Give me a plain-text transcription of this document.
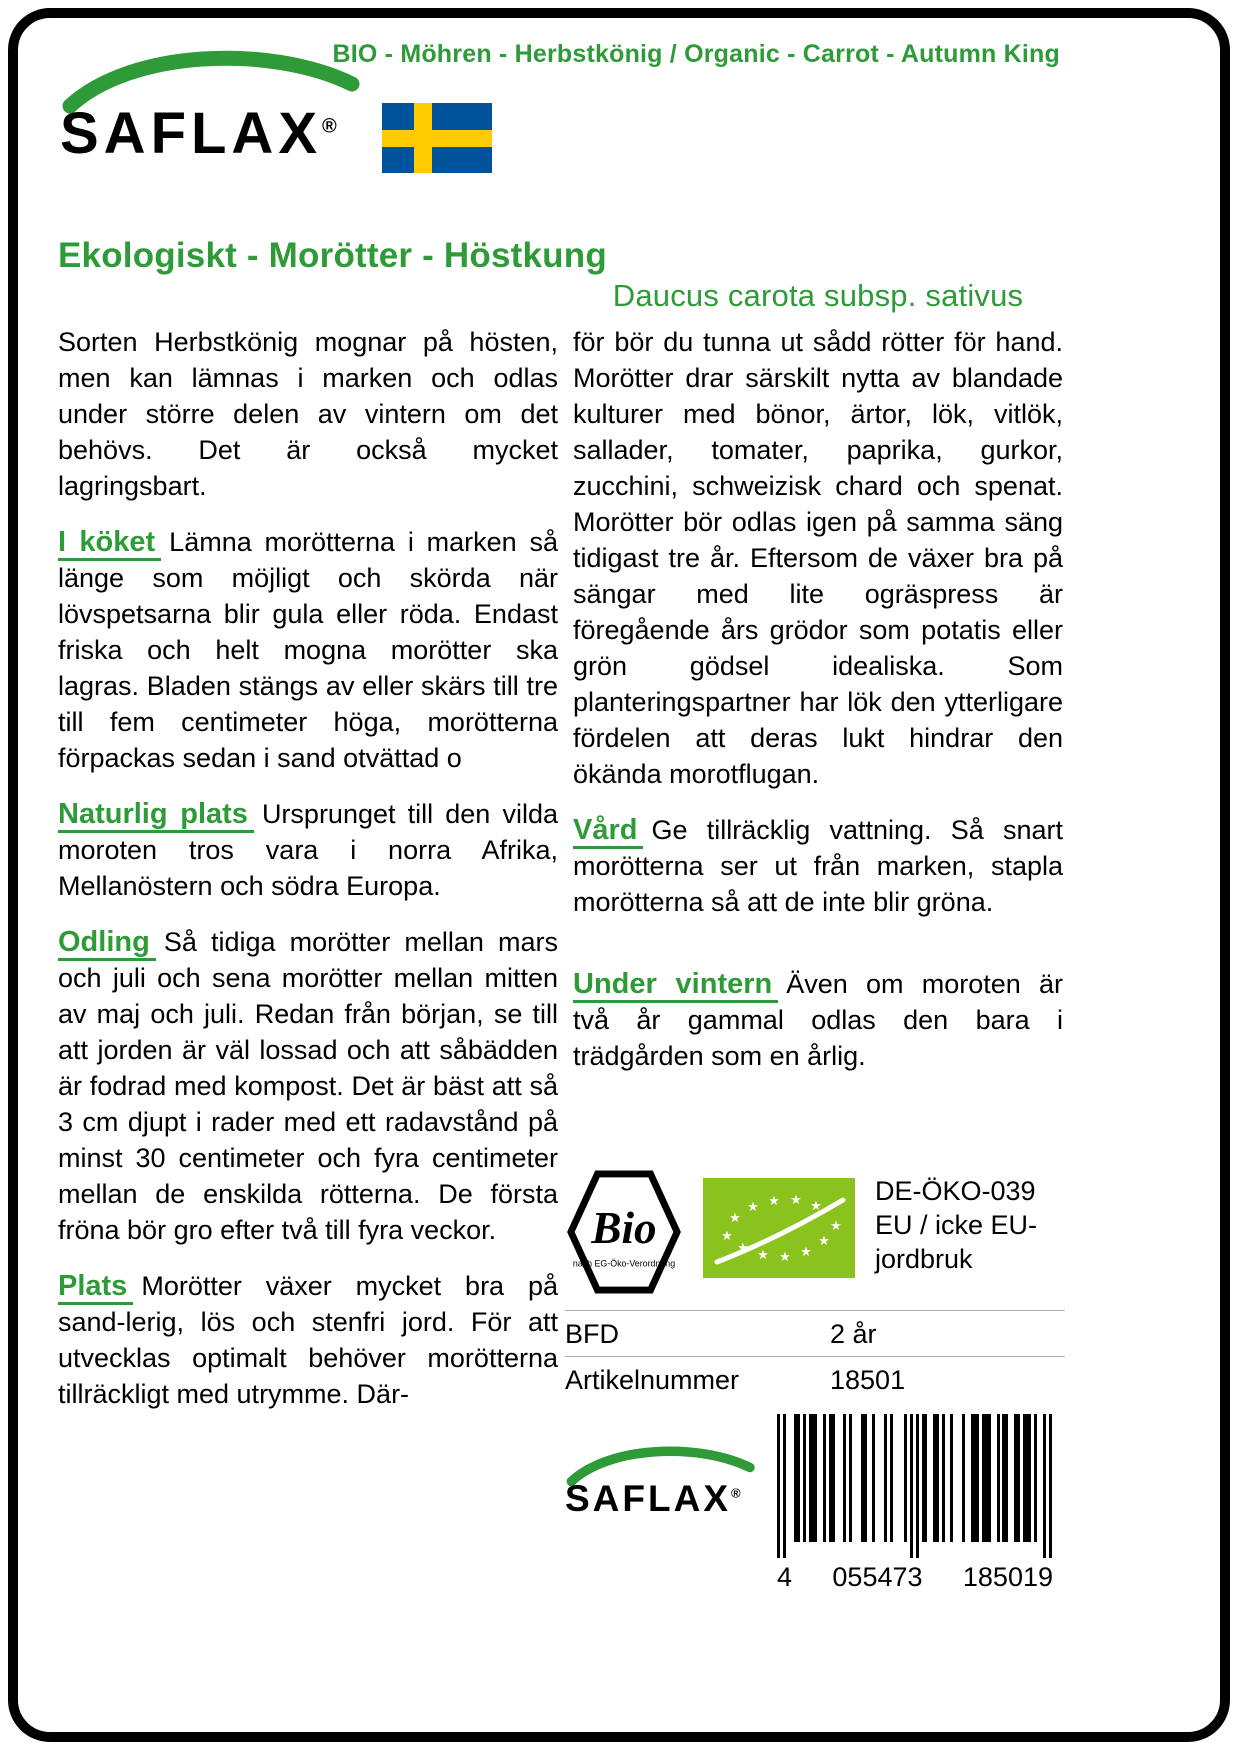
BIO - Möhren - Herbstkönig / Organic - Carrot - Autumn King
SAFLAX®
Ekologiskt - Morötter - Höstkung

Sorten Herbstkönig mognar på hösten, men kan lämnas i marken och odlas under större delen av vintern om det behövs. Det är också mycket lagringsbart.

I köket Lämna morötterna i marken så länge som möjligt och skörda när lövspetsarna blir gula eller röda. Endast friska och helt mogna morötter ska lagras. Bladen stängs av eller skärs till tre till fem centimeter höga, morötterna förpackas sedan i sand otvättad o

Naturlig plats Ursprunget till den vilda moroten tros vara i norra Afrika, Mellanöstern och södra Europa.

Odling Så tidiga morötter mellan mars och juli och sena morötter mellan mitten av maj och juli. Redan från början, se till att jorden är väl lossad och att såbädden är fodrad med kompost. Det är bäst att så 3 cm djupt i rader med ett radavstånd på minst 30 centimeter och fyra centimeter mellan de enskilda rötterna. De första fröna bör gro efter två till fyra veckor.

Plats Morötter växer mycket bra på sand-lerig, lös och stenfri jord. För att utvecklas optimalt behöver morötterna tillräckligt med utrymme. Där-

Daucus carota subsp. sativus

för bör du tunna ut sådd rötter för hand. Morötter drar särskilt nytta av blandade kulturer med bönor, ärtor, lök, vitlök, sallader, tomater, paprika, gurkor, zucchini, schweizisk chard och spenat. Morötter bör odlas igen på samma säng tidigast tre år. Eftersom de växer bra på sängar med lite ogräspress är föregående års grödor som potatis eller grön gödsel idealiska. Som planteringspartner har lök den ytterligare fördelen att deras lukt hindrar den ökända morotflugan.

Vård Ge tillräcklig vattning. Så snart morötterna ser ut från marken, stapla morötterna så att de inte blir gröna.

Under vintern Även om moroten är två år gammal odlas den bara i trädgården som en årlig.

Bio
nach EG-Öko-Verordnung
★
★ ★ ★ ★
★
★
★
★ ★ ★ ★ DE-ÖKO-039
EU / icke EU-
jordbruk
BFD	2 år
Artikelnummer	18501
SAFLAX®
4 055473 185019
